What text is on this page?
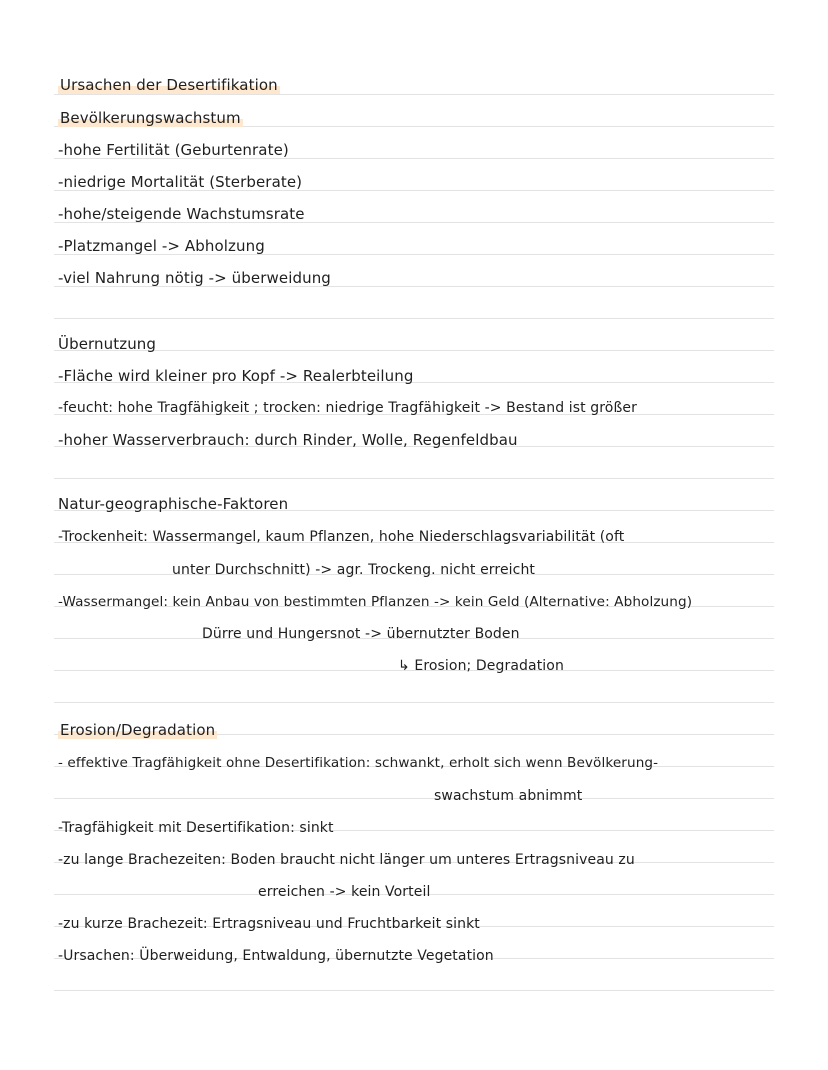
Ursachen der Desertifikation
Bevölkerungswachstum
-hohe Fertilität (Geburtenrate)
-niedrige Mortalität (Sterberate)
-hohe/steigende Wachstumsrate
-Platzmangel -> Abholzung
-viel Nahrung nötig -> überweidung
Übernutzung
-Fläche wird kleiner pro Kopf -> Realerbteilung
-feucht: hohe Tragfähigkeit ; trocken: niedrige Tragfähigkeit -> Bestand ist größer
-hoher Wasserverbrauch: durch Rinder, Wolle, Regenfeldbau
Natur-geographische-Faktoren
-Trockenheit: Wassermangel, kaum Pflanzen, hohe Niederschlagsvariabilität (oft
unter Durchschnitt) -> agr. Trockeng. nicht erreicht
-Wassermangel: kein Anbau von bestimmten Pflanzen -> kein Geld (Alternative: Abholzung)
Dürre und Hungersnot -> übernutzter Boden
↳ Erosion; Degradation
Erosion/Degradation
- effektive Tragfähigkeit ohne Desertifikation: schwankt, erholt sich wenn Bevölkerung-
swachstum abnimmt
-Tragfähigkeit mit Desertifikation: sinkt
-zu lange Brachezeiten: Boden braucht nicht länger um unteres Ertragsniveau zu
erreichen -> kein Vorteil
-zu kurze Brachezeit: Ertragsniveau und Fruchtbarkeit sinkt
-Ursachen: Überweidung, Entwaldung, übernutzte Vegetation
